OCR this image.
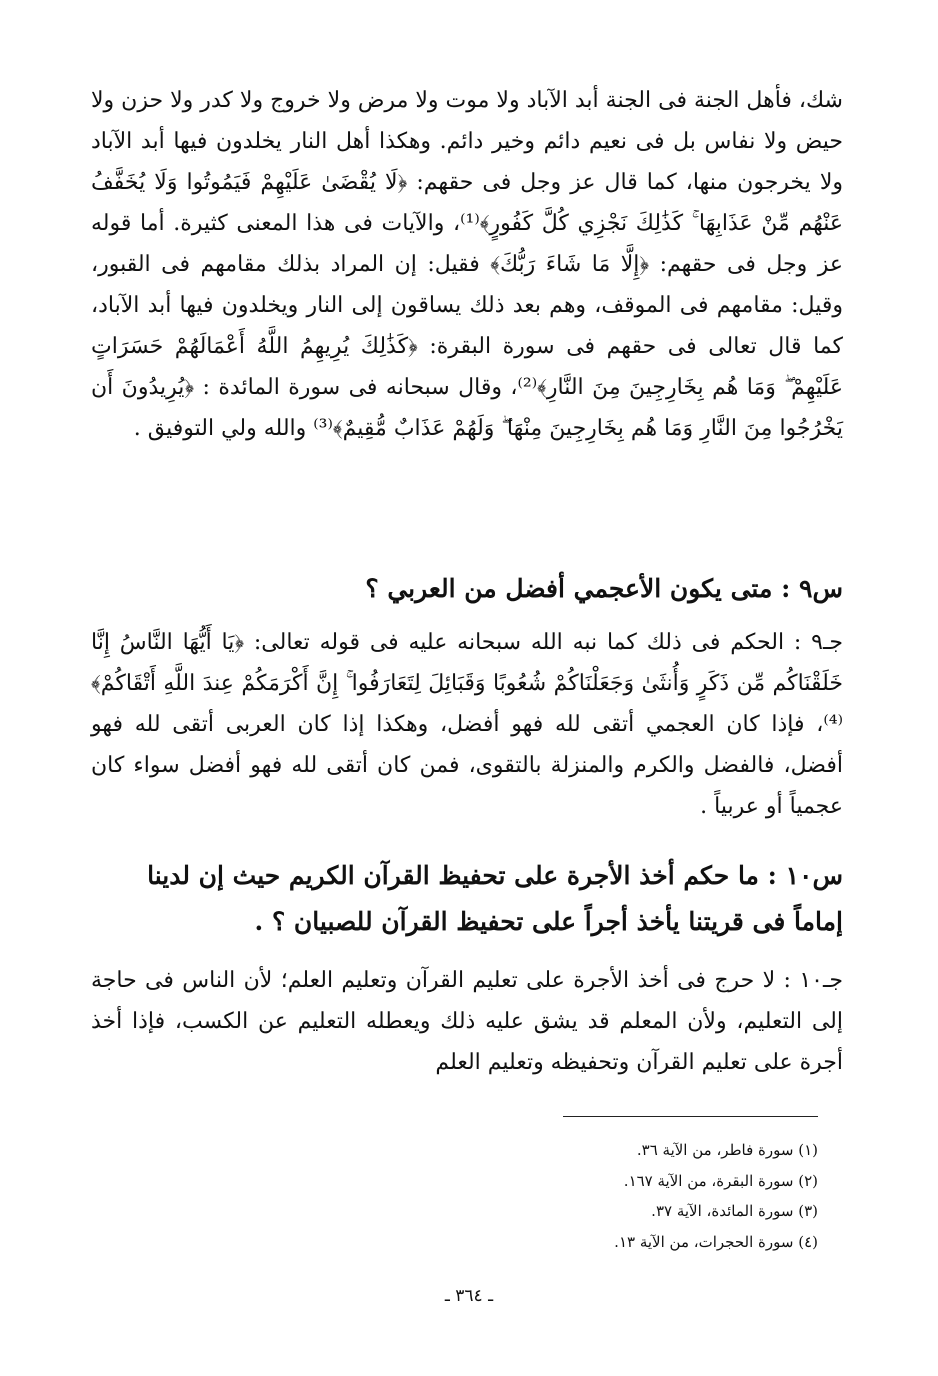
شك، فأهل الجنة فى الجنة أبد الآباد ولا موت ولا مرض ولا خروج ولا كدر ولا حزن ولا حيض ولا نفاس بل فى نعيم دائم وخير دائم. وهكذا أهل النار يخلدون فيها أبد الآباد ولا يخرجون منها، كما قال عز وجل فى حقهم: ﴿لَا يُقْضَىٰ عَلَيْهِمْ فَيَمُوتُوا وَلَا يُخَفَّفُ عَنْهُم مِّنْ عَذَابِهَا ۚ كَذَٰلِكَ نَجْزِي كُلَّ كَفُورٍ﴾⁽¹⁾، والآيات فى هذا المعنى كثيرة. أما قوله عز وجل فى حقهم: ﴿إِلَّا مَا شَاءَ رَبُّكَ﴾ فقيل: إن المراد بذلك مقامهم فى القبور، وقيل: مقامهم فى الموقف، وهم بعد ذلك يساقون إلى النار ويخلدون فيها أبد الآباد، كما قال تعالى فى حقهم فى سورة البقرة: ﴿كَذَٰلِكَ يُرِيهِمُ اللَّهُ أَعْمَالَهُمْ حَسَرَاتٍ عَلَيْهِمْ ۖ وَمَا هُم بِخَارِجِينَ مِنَ النَّارِ﴾⁽²⁾، وقال سبحانه فى سورة المائدة : ﴿يُرِيدُونَ أَن يَخْرُجُوا مِنَ النَّارِ وَمَا هُم بِخَارِجِينَ مِنْهَا ۖ وَلَهُمْ عَذَابٌ مُّقِيمٌ﴾⁽³⁾ والله ولي التوفيق .

س٩ : متى يكون الأعجمي أفضل من العربي ؟
جـ٩ : الحكم فى ذلك كما نبه الله سبحانه عليه فى قوله تعالى: ﴿يَا أَيُّهَا النَّاسُ إِنَّا خَلَقْنَاكُم مِّن ذَكَرٍ وَأُنثَىٰ وَجَعَلْنَاكُمْ شُعُوبًا وَقَبَائِلَ لِتَعَارَفُوا ۚ إِنَّ أَكْرَمَكُمْ عِندَ اللَّهِ أَتْقَاكُمْ﴾⁽⁴⁾، فإذا كان العجمي أتقى لله فهو أفضل، وهكذا إذا كان العربى أتقى لله فهو أفضل، فالفضل والكرم والمنزلة بالتقوى، فمن كان أتقى لله فهو أفضل سواء كان عجمياً أو عربياً .
س١٠ : ما حكم أخذ الأجرة على تحفيظ القرآن الكريم حيث إن لدينا إماماً فى قريتنا يأخذ أجراً على تحفيظ القرآن للصبيان ؟ .
جـ١٠ : لا حرج فى أخذ الأجرة على تعليم القرآن وتعليم العلم؛ لأن الناس فى حاجة إلى التعليم، ولأن المعلم قد يشق عليه ذلك ويعطله التعليم عن الكسب، فإذا أخذ أجرة على تعليم القرآن وتحفيظه وتعليم العلم
(١) سورة فاطر، من الآية ٣٦.
(٢) سورة البقرة، من الآية ١٦٧.
(٣) سورة المائدة، الآية ٣٧.
(٤) سورة الحجرات، من الآية ١٣.
ـ ٣٦٤ ـ
